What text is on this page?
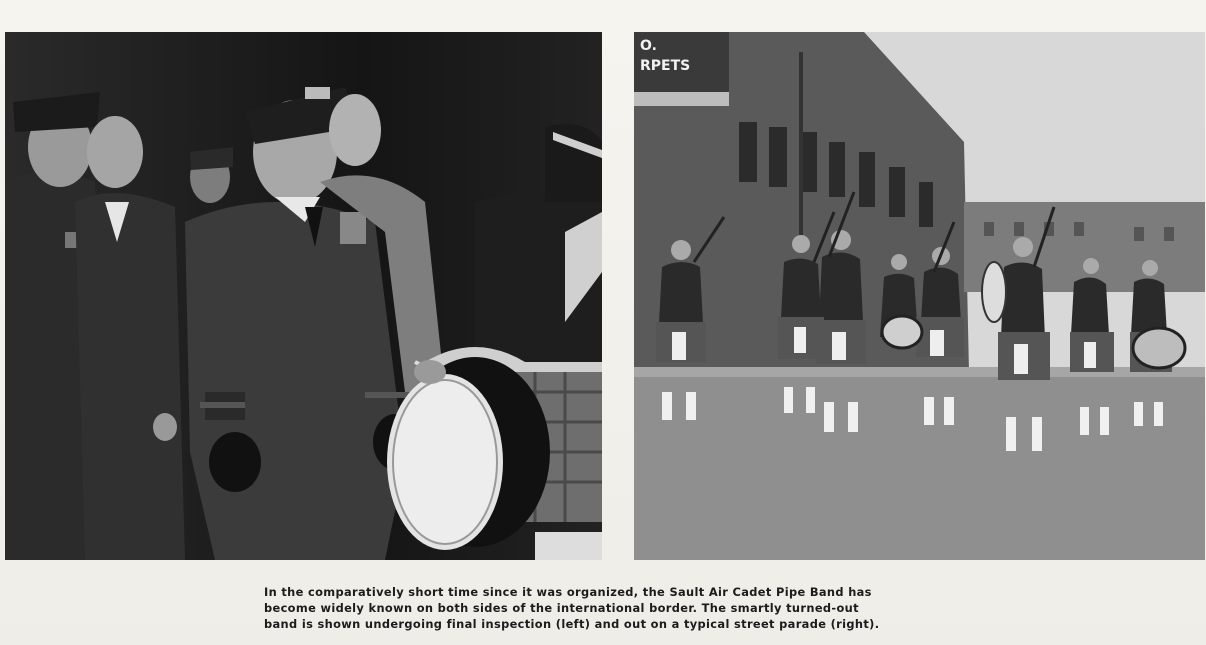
O.
RPETS
In the comparatively short time since it was organized, the Sault Air Cadet Pipe Band has
become widely known on both sides of the international border. The smartly turned-out
band is shown undergoing final inspection (left) and out on a typical street parade (right).
